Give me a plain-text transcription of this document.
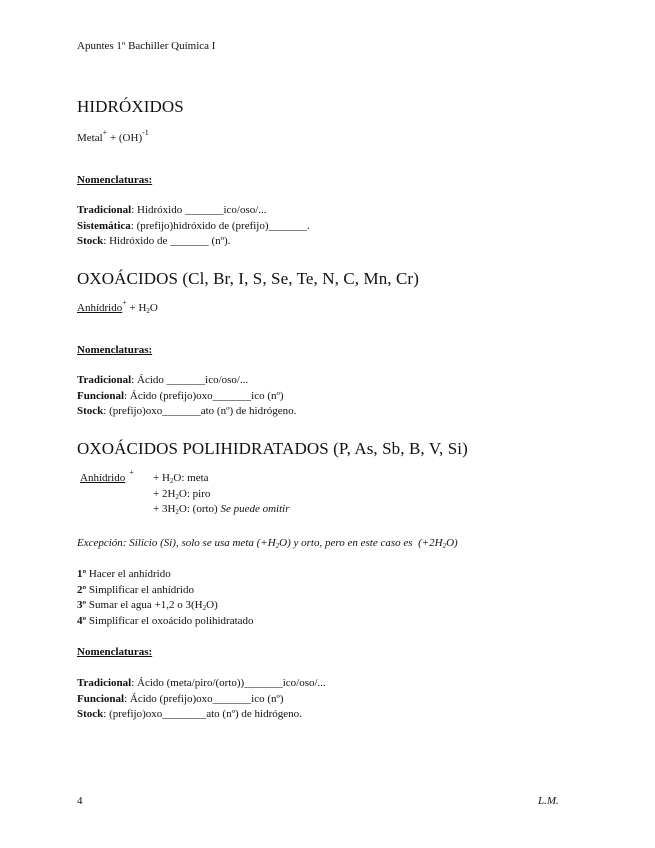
Apuntes 1º Bachiller Química I
HIDRÓXIDOS
Metal+ + (OH)$^{-1}$
Nomenclaturas:
Tradicional: Hidróxido _______ico/oso/...
Sistemática: (prefijo)hidróxido de (prefijo)_______.
Stock: Hidróxido de _______ (nº).
OXOÁCIDOS (Cl, Br, I, S, Se, Te, N, C, Mn, Cr)
Anhídrido+ + $H_2O$
Nomenclaturas:
Tradicional: Ácido _______ico/oso/...
Funcional: Ácido (prefijo)oxo_______ico (nº)
Stock: (prefijo)oxo_______ato (nº) de hidrógeno.
OXOÁCIDOS POLIHIDRATADOS (P, As, Sb, B, V, Si)
Anhídrido $^+ + H_2O$: meta
+ $2H_2O$: piro
+ $3H_2O$: (orto) Se puede omitir
Excepción: Silicio (Si), solo se usa meta $(+H_2O)$ y orto, pero en este caso es $(+2H_2O)$
1º Hacer el anhídrido
2º Simplificar el anhídrido
3º Sumar el agua +1,2 o $3(H_2O)$
4º Simplificar el oxoácido polihidratado
Nomenclaturas:
Tradicional: Ácido (meta/piro/(orto))_______ico/oso/...
Funcional: Ácido (prefijo)oxo_______ico (nº)
Stock: (prefijo)oxo________ato (nº) de hidrógeno.
4	L.M.
